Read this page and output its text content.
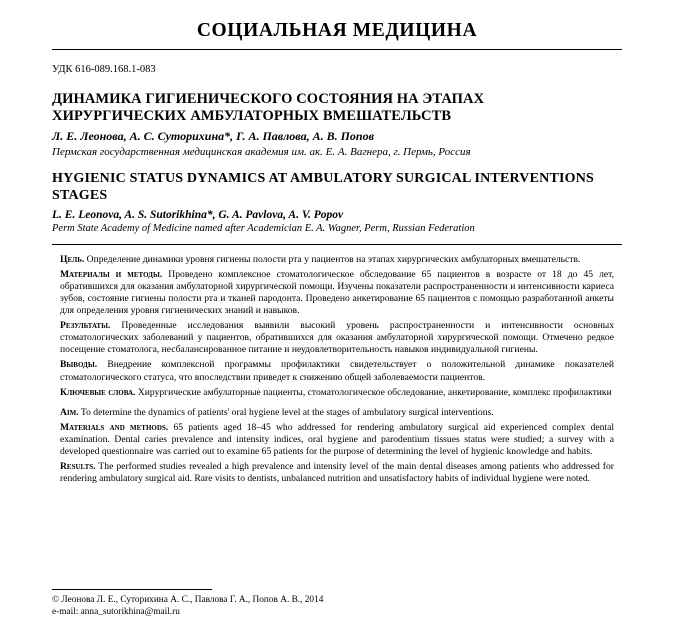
СОЦИАЛЬНАЯ МЕДИЦИНА
УДК 616-089.168.1-083
ДИНАМИКА ГИГИЕНИЧЕСКОГО СОСТОЯНИЯ НА ЭТАПАХ ХИРУРГИЧЕСКИХ АМБУЛАТОРНЫХ ВМЕШАТЕЛЬСТВ
Л. Е. Леонова, А. С. Суторихина*, Г. А. Павлова, А. В. Попов
Пермская государственная медицинская академия им. ак. Е. А. Вагнера, г. Пермь, Россия
HYGIENIC STATUS DYNAMICS AT AMBULATORY SURGICAL INTERVENTIONS STAGES
L. E. Leonova, A. S. Sutorikhina*, G. A. Pavlova, A. V. Popov
Perm State Academy of Medicine named after Academician E. A. Wagner, Perm, Russian Federation

Цель. Определение динамики уровня гигиены полости рта у пациентов на этапах хирургических амбулаторных вмешательств.

Материалы и методы. Проведено комплексное стоматологическое обследование 65 пациентов в возрасте от 18 до 45 лет, обратившихся для оказания амбулаторной хирургической помощи. Изучены показатели распространенности и интенсивности кариеса зубов, состояние гигиены полости рта и тканей пародонта. Проведено анкетирование 65 пациентов с помощью разработанной анкеты для определения уровня гигиенических знаний и навыков.

Результаты. Проведенные исследования выявили высокий уровень распространенности и интенсивности основных стоматологических заболеваний у пациентов, обратившихся для оказания амбулаторной хирургической помощи. Отмечено редкое посещение стоматолога, несбалансированное питание и неудовлетворительность навыков индивидуальной гигиены.

Выводы. Внедрение комплексной программы профилактики свидетельствует о положительной динамике показателей стоматологического статуса, что впоследствии приведет к снижению общей заболеваемости пациентов.

Ключевые слова. Хирургические амбулаторные пациенты, стоматологическое обследование, анкетирование, комплекс профилактики

Aim. To determine the dynamics of patients' oral hygiene level at the stages of ambulatory surgical interventions.

Materials and methods. 65 patients aged 18–45 who addressed for rendering ambulatory surgical aid experienced complex dental examination. Dental caries prevalence and intensity indices, oral hygiene and parodentium tissues status were studied; a survey with a developed questionnaire was carried out to examine 65 patients for the purpose of determining the level of hygienic knowledge and habits.

Results. The performed studies revealed a high prevalence and intensity level of the main dental diseases among patients who addressed for rendering ambulatory surgical aid. Rare visits to dentists, unbalanced nutrition and unsatisfactory habits of individual hygiene were noted.

© Леонова Л. Е., Суторихина А. С., Павлова Г. А., Попов А. В., 2014
e-mail: anna_sutorikhina@mail.ru
